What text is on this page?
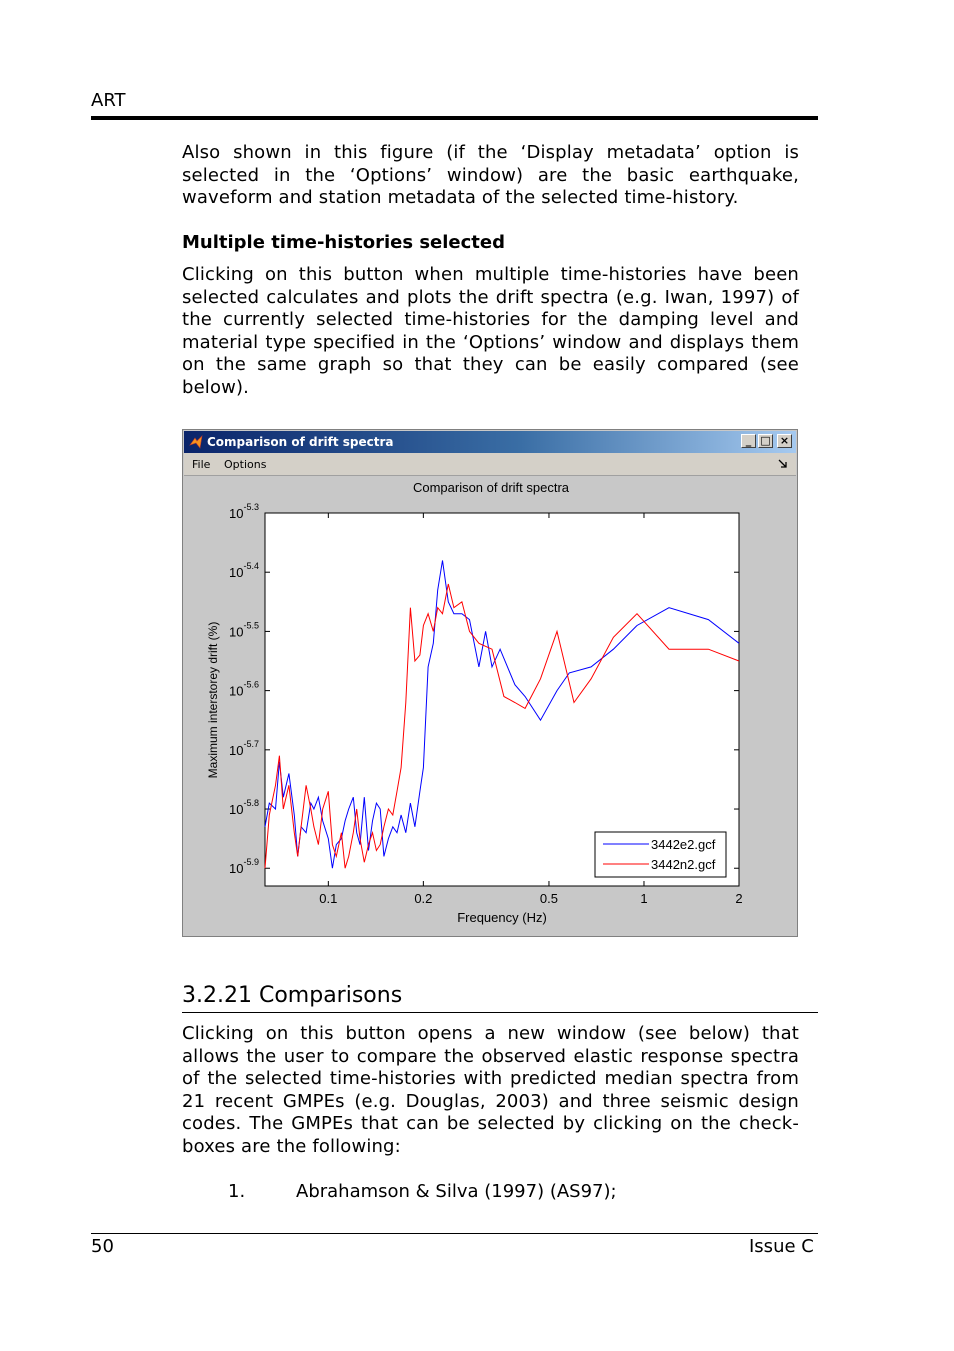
ART

Also shown in this figure (if the ‘Display metadata’ option is selected in the ‘Options’ window) are the basic earthquake, waveform and station metadata of the selected time-history.

Multiple time-histories selected

Clicking on this button when multiple time-histories have been selected calculates and plots the drift spectra (e.g. Iwan, 1997) of the currently selected time-histories for the damping level and material type specified in the ‘Options’ window and displays them on the same graph so that they can be easily compared (see below).

Comparison of drift spectra	_ □ ×
File Options
Comparison of drift spectra
$10^{-5.3}$
$10^{-5.4}$
$10^{-5.5}$
$10^{-5.6}$
$10^{-5.7}$
$10^{-5.8}$
$10^{-5.9}$
0.1	0.2	0.5	1	2
Frequency (Hz)
Maximum interstorey drift (%)
3442e2.gcf
3442n2.gcf
3.2.21 Comparisons

Clicking on this button opens a new window (see below) that allows the user to compare the observed elastic response spectra of the selected time-histories with predicted median spectra from 21 recent GMPEs (e.g. Douglas, 2003) and three seismic design codes. The GMPEs that can be selected by clicking on the check-boxes are the following:

1.	Abrahamson & Silva (1997) (AS97);
50	Issue C
